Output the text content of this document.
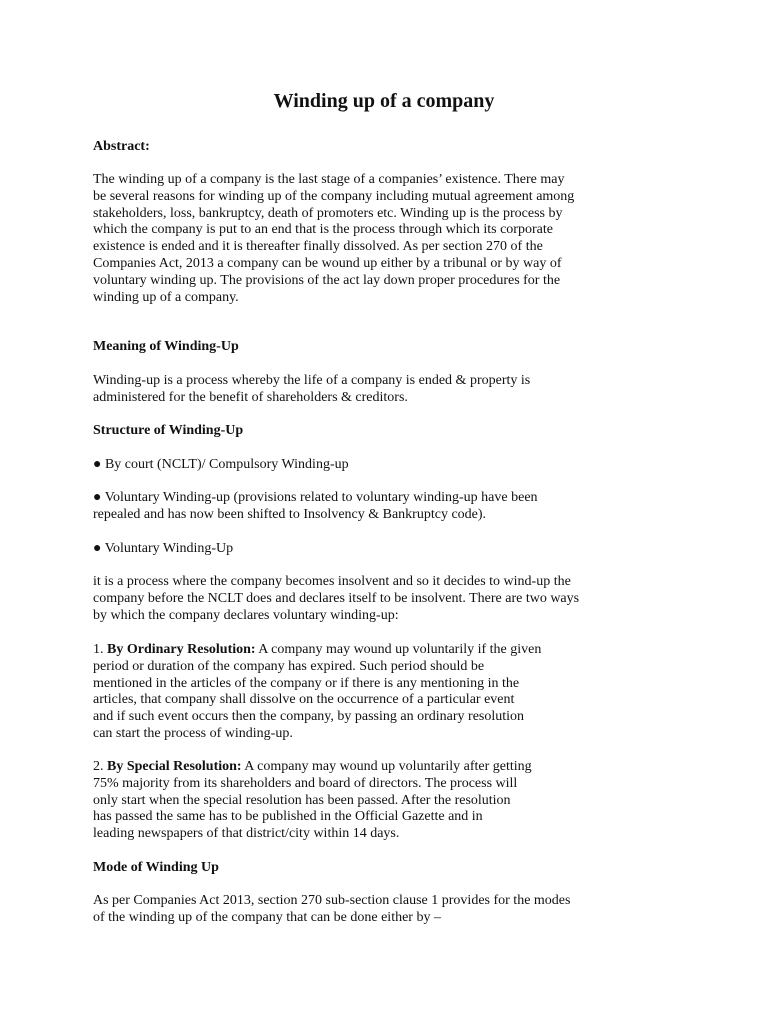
Winding up of a company
Abstract:
The winding up of a company is the last stage of a companies’ existence. There may
be several reasons for winding up of the company including mutual agreement among
stakeholders, loss, bankruptcy, death of promoters etc. Winding up is the process by
which the company is put to an end that is the process through which its corporate
existence is ended and it is thereafter finally dissolved. As per section 270 of the
Companies Act, 2013 a company can be wound up either by a tribunal or by way of
voluntary winding up. The provisions of the act lay down proper procedures for the
winding up of a company.
Meaning of Winding-Up
Winding-up is a process whereby the life of a company is ended & property is
administered for the benefit of shareholders & creditors.
Structure of Winding-Up
● By court (NCLT)/ Compulsory Winding-up
● Voluntary Winding-up (provisions related to voluntary winding-up have been
repealed and has now been shifted to Insolvency & Bankruptcy code).
● Voluntary Winding-Up
it is a process where the company becomes insolvent and so it decides to wind-up the
company before the NCLT does and declares itself to be insolvent. There are two ways
by which the company declares voluntary winding-up:
1. By Ordinary Resolution: A company may wound up voluntarily if the given
period or duration of the company has expired. Such period should be
mentioned in the articles of the company or if there is any mentioning in the
articles, that company shall dissolve on the occurrence of a particular event
and if such event occurs then the company, by passing an ordinary resolution
can start the process of winding-up.
2. By Special Resolution: A company may wound up voluntarily after getting
75% majority from its shareholders and board of directors. The process will
only start when the special resolution has been passed. After the resolution
has passed the same has to be published in the Official Gazette and in
leading newspapers of that district/city within 14 days.
Mode of Winding Up
As per Companies Act 2013, section 270 sub-section clause 1 provides for the modes
of the winding up of the company that can be done either by –
